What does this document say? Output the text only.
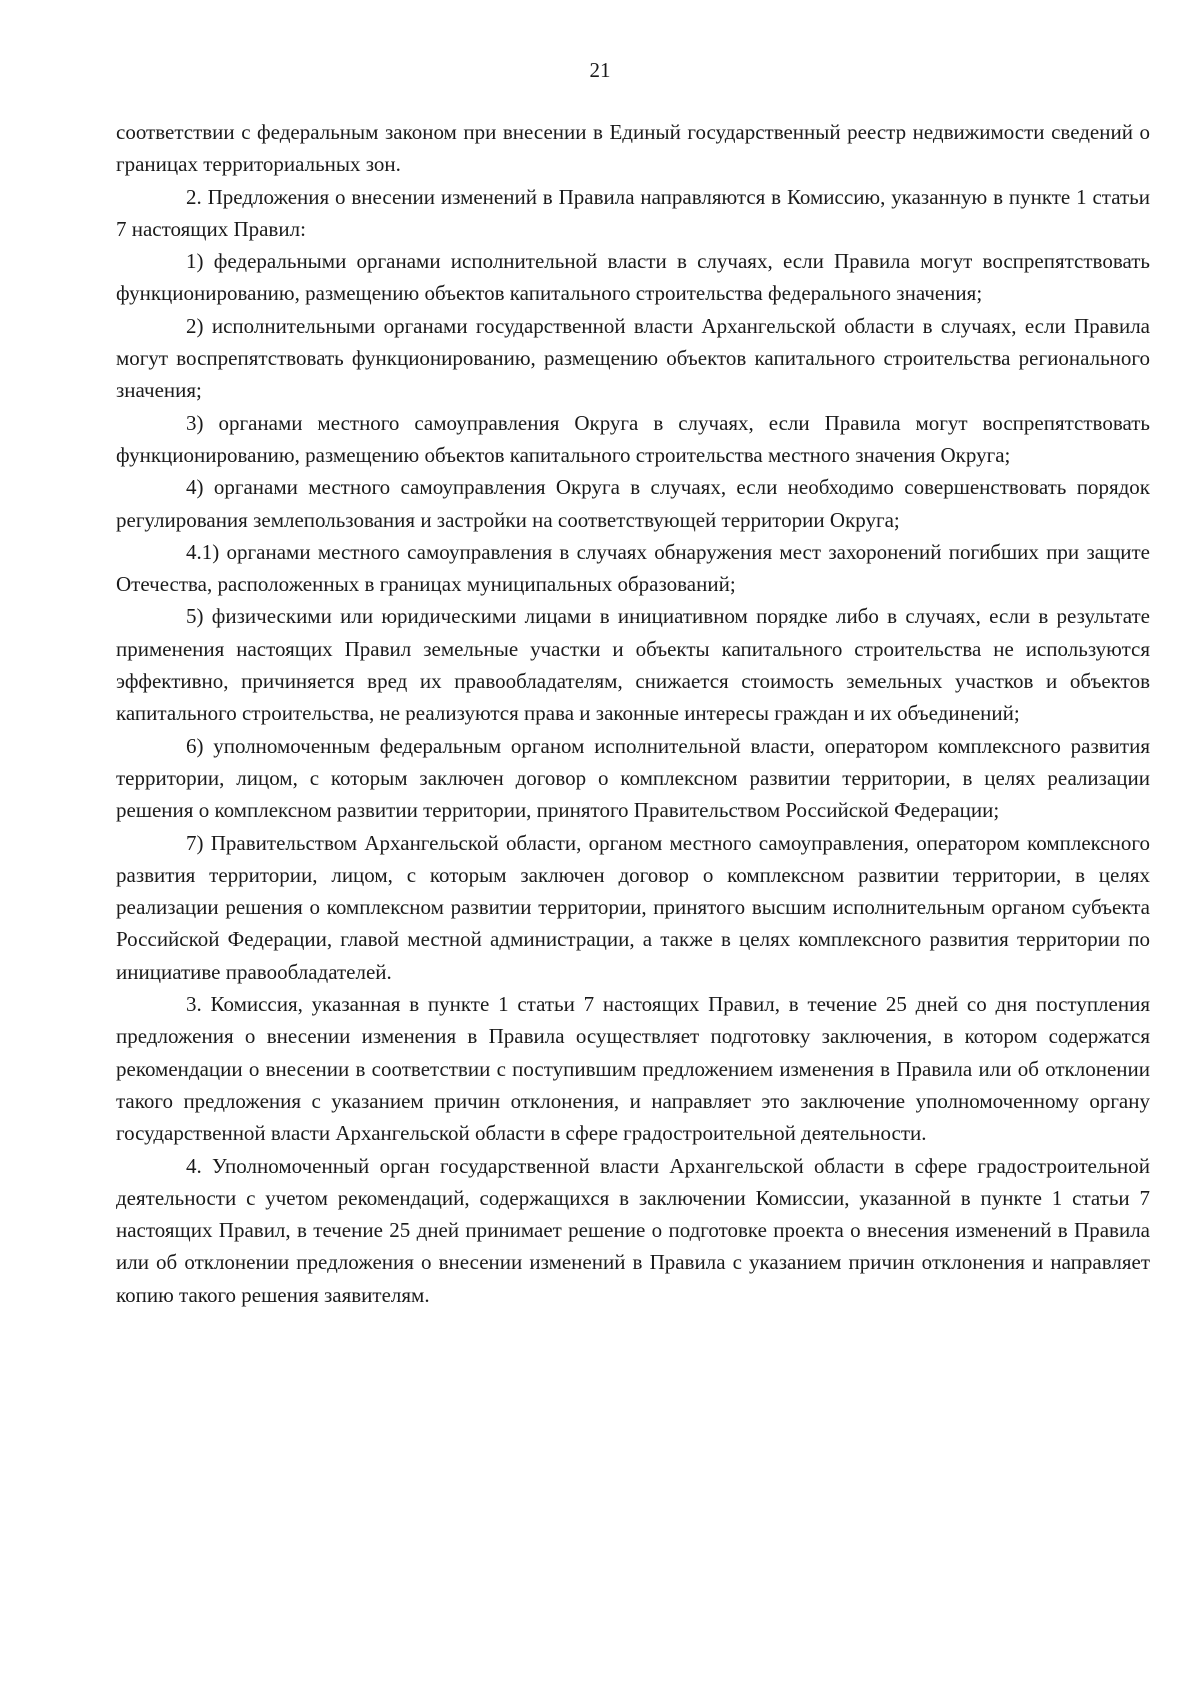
21

соответствии с федеральным законом при внесении в Единый государственный реестр недвижимости сведений о границах территориальных зон.

2. Предложения о внесении изменений в Правила направляются в Комиссию, указанную в пункте 1 статьи 7 настоящих Правил:

1) федеральными органами исполнительной власти в случаях, если Правила могут воспрепятствовать функционированию, размещению объектов капитального строительства федерального значения;

2) исполнительными органами государственной власти Архангельской области в случаях, если Правила могут воспрепятствовать функционированию, размещению объектов капитального строительства регионального значения;

3) органами местного самоуправления Округа в случаях, если Правила могут воспрепятствовать функционированию, размещению объектов капитального строительства местного значения Округа;

4) органами местного самоуправления Округа в случаях, если необходимо совершенствовать порядок регулирования землепользования и застройки на соответствующей территории Округа;

4.1) органами местного самоуправления в случаях обнаружения мест захоронений погибших при защите Отечества, расположенных в границах муниципальных образований;

5) физическими или юридическими лицами в инициативном порядке либо в случаях, если в результате применения настоящих Правил земельные участки и объекты капитального строительства не используются эффективно, причиняется вред их правообладателям, снижается стоимость земельных участков и объектов капитального строительства, не реализуются права и законные интересы граждан и их объединений;

6) уполномоченным федеральным органом исполнительной власти, оператором комплексного развития территории, лицом, с которым заключен договор о комплексном развитии территории, в целях реализации решения о комплексном развитии территории, принятого Правительством Российской Федерации;

7) Правительством Архангельской области, органом местного самоуправления, оператором комплексного развития территории, лицом, с которым заключен договор о комплексном развитии территории, в целях реализации решения о комплексном развитии территории, принятого высшим исполнительным органом субъекта Российской Федерации, главой местной администрации, а также в целях комплексного развития территории по инициативе правообладателей.

3. Комиссия, указанная в пункте 1 статьи 7 настоящих Правил, в течение 25 дней со дня поступления предложения о внесении изменения в Правила осуществляет подготовку заключения, в котором содержатся рекомендации о внесении в соответствии с поступившим предложением изменения в Правила или об отклонении такого предложения с указанием причин отклонения, и направляет это заключение уполномоченному органу государственной власти Архангельской области в сфере градостроительной деятельности.

4. Уполномоченный орган государственной власти Архангельской области в сфере градостроительной деятельности с учетом рекомендаций, содержащихся в заключении Комиссии, указанной в пункте 1 статьи 7 настоящих Правил, в течение 25 дней принимает решение о подготовке проекта о внесения изменений в Правила или об отклонении предложения о внесении изменений в Правила с указанием причин отклонения и направляет копию такого решения заявителям.
